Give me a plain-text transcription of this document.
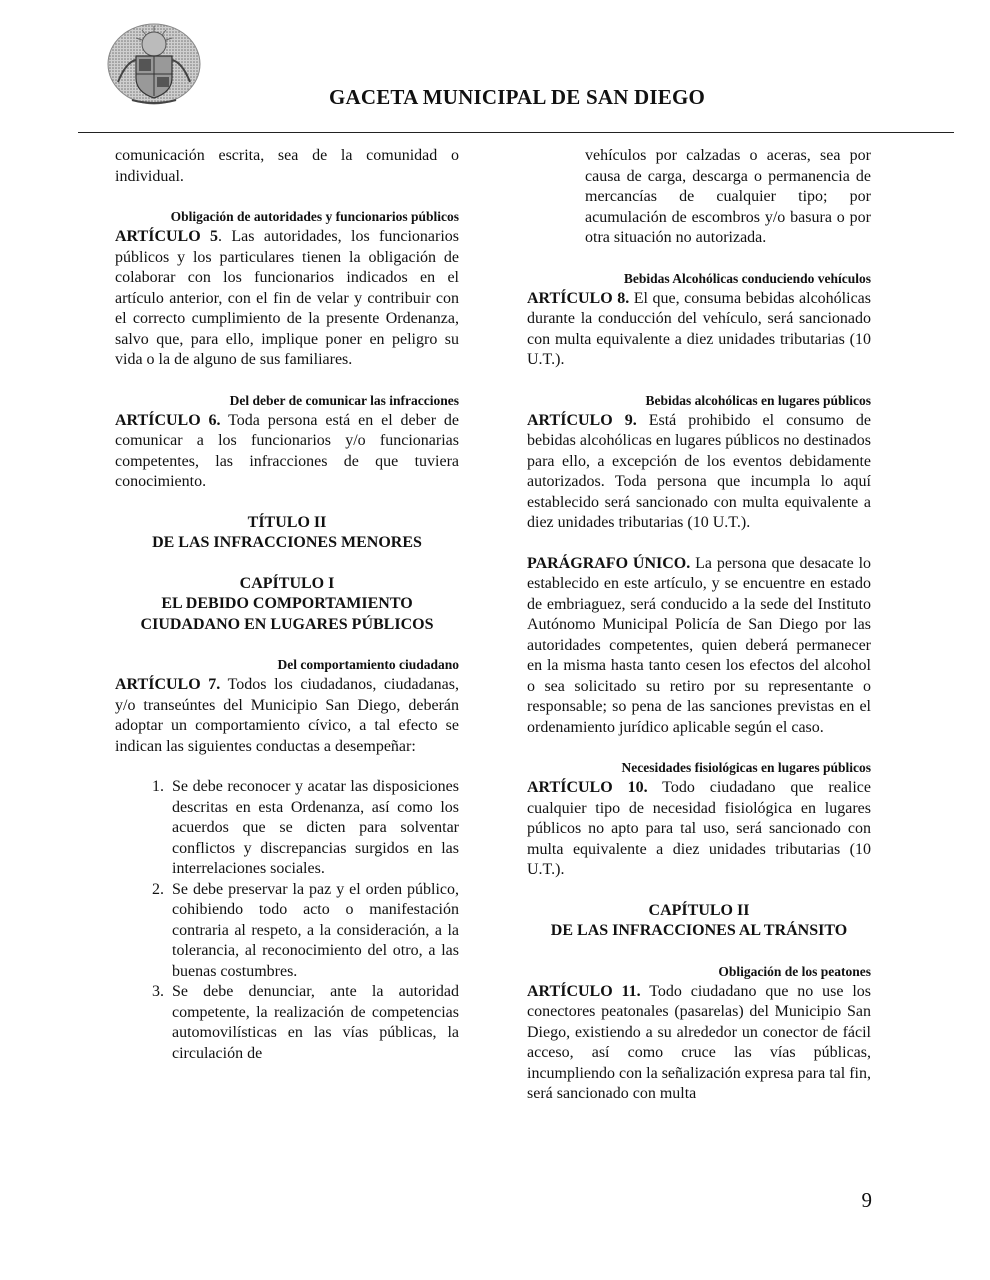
GACETA MUNICIPAL DE SAN DIEGO

comunicación escrita, sea de la comunidad o individual.

Obligación de autoridades y funcionarios públicos

ARTÍCULO 5. Las autoridades, los funcionarios públicos y los particulares tienen la obligación de colaborar con los funcionarios indicados en el artículo anterior, con el fin de velar y contribuir con el correcto cumplimiento de la presente Ordenanza, salvo que, para ello, implique poner en peligro su vida o la de alguno de sus familiares.

Del deber de comunicar las infracciones

ARTÍCULO 6. Toda persona está en el deber de comunicar a los funcionarios y/o funcionarias competentes, las infracciones de que tuviera conocimiento.

TÍTULO II
DE LAS INFRACCIONES MENORES
CAPÍTULO I
EL DEBIDO COMPORTAMIENTO
CIUDADANO EN LUGARES PÚBLICOS
Del comportamiento ciudadano

ARTÍCULO 7. Todos los ciudadanos, ciudadanas, y/o transeúntes del Municipio San Diego, deberán adoptar un comportamiento cívico, a tal efecto se indican las siguientes conductas a desempeñar:

1. Se debe reconocer y acatar las disposiciones descritas en esta Ordenanza, así como los acuerdos que se dicten para solventar conflictos y discrepancias surgidos en las interrelaciones sociales.
2. Se debe preservar la paz y el orden público, cohibiendo todo acto o manifestación contraria al respeto, a la consideración, a la tolerancia, al reconocimiento del otro, a las buenas costumbres.
3. Se debe denunciar, ante la autoridad competente, la realización de competencias automovilísticas en las vías públicas, la circulación de

vehículos por calzadas o aceras, sea por causa de carga, descarga o permanencia de mercancías de cualquier tipo; por acumulación de escombros y/o basura o por otra situación no autorizada.

Bebidas Alcohólicas conduciendo vehículos

ARTÍCULO 8. El que, consuma bebidas alcohólicas durante la conducción del vehículo, será sancionado con multa equivalente a diez unidades tributarias (10 U.T.).

Bebidas alcohólicas en lugares públicos

ARTÍCULO 9. Está prohibido el consumo de bebidas alcohólicas en lugares públicos no destinados para ello, a excepción de los eventos debidamente autorizados. Toda persona que incumpla lo aquí establecido será sancionado con multa equivalente a diez unidades tributarias (10 U.T.).

PARÁGRAFO ÚNICO. La persona que desacate lo establecido en este artículo, y se encuentre en estado de embriaguez, será conducido a la sede del Instituto Autónomo Municipal Policía de San Diego por las autoridades competentes, quien deberá permanecer en la misma hasta tanto cesen los efectos del alcohol o sea solicitado su retiro por su representante o responsable; so pena de las sanciones previstas en el ordenamiento jurídico aplicable según el caso.

Necesidades fisiológicas en lugares públicos

ARTÍCULO 10. Todo ciudadano que realice cualquier tipo de necesidad fisiológica en lugares públicos no apto para tal uso, será sancionado con multa equivalente a diez unidades tributarias (10 U.T.).

CAPÍTULO II
DE LAS INFRACCIONES AL TRÁNSITO
Obligación de los peatones

ARTÍCULO 11. Todo ciudadano que no use los conectores peatonales (pasarelas) del Municipio San Diego, existiendo a su alrededor un conector de fácil acceso, así como cruce las vías públicas, incumpliendo con la señalización expresa para tal fin, será sancionado con multa

9
